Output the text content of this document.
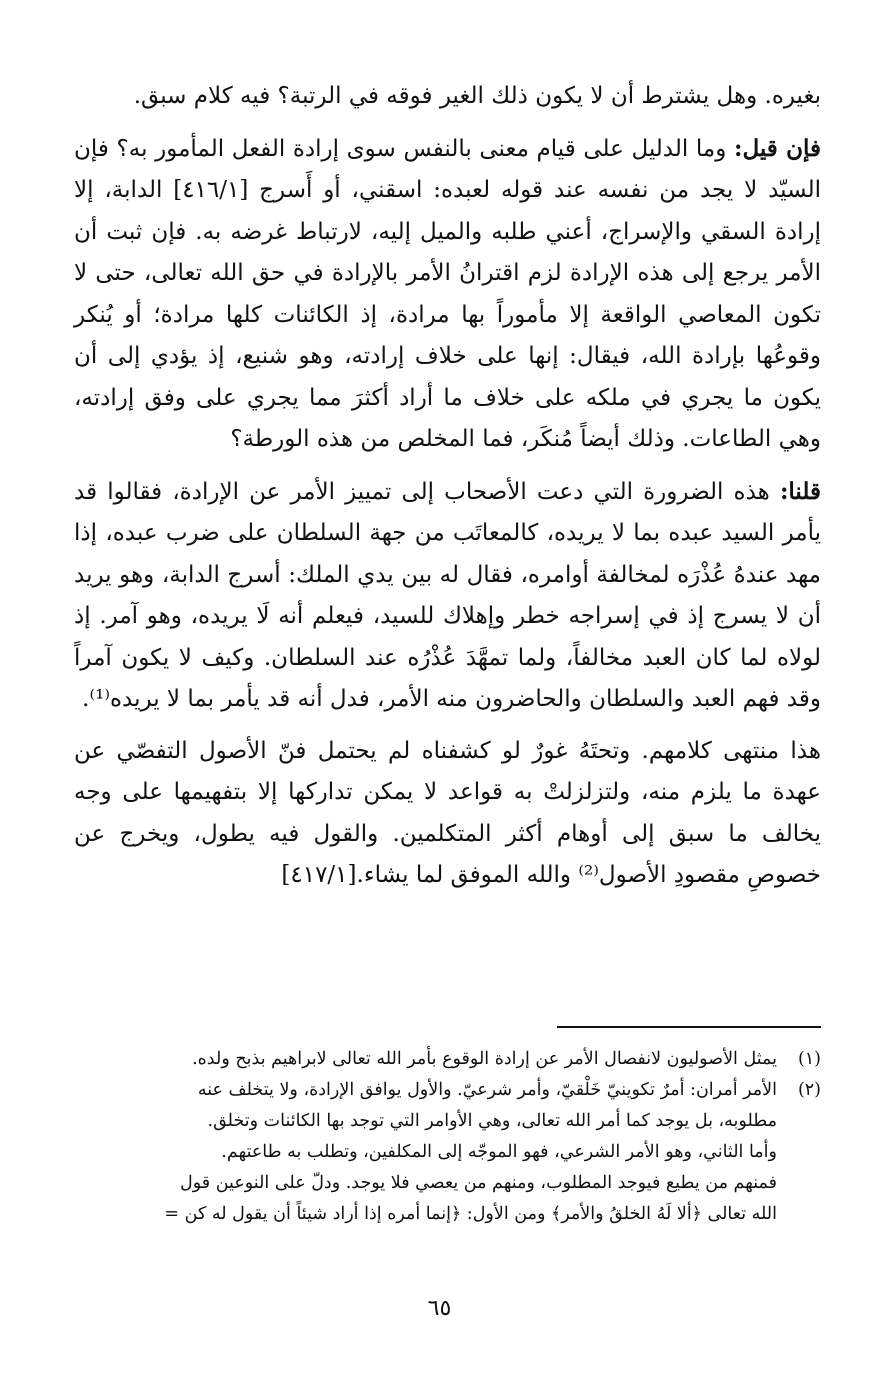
بغيره. وهل يشترط أن لا يكون ذلك الغير فوقه في الرتبة؟ فيه كلام سبق.

فإن قيل: وما الدليل على قيام معنى بالنفس سوى إرادة الفعل المأمور به؟ فإن السيّد لا يجد من نفسه عند قوله لعبده: اسقني، أو أَسرج [٤١٦/١] الدابة، إلا إرادة السقي والإسراج، أعني طلبه والميل إليه، لارتباط غرضه به. فإن ثبت أن الأمر يرجع إلى هذه الإرادة لزم اقترانُ الأمر بالإرادة في حق الله تعالى، حتى لا تكون المعاصي الواقعة إلا مأموراً بها مرادة، إذ الكائنات كلها مرادة؛ أو يُنكر وقوعُها بإرادة الله، فيقال: إنها على خلاف إرادته، وهو شنيع، إذ يؤدي إلى أن يكون ما يجري في ملكه على خلاف ما أراد أكثرَ مما يجري على وفق إرادته، وهي الطاعات. وذلك أيضاً مُنكَر، فما المخلص من هذه الورطة؟

قلنا: هذه الضرورة التي دعت الأصحاب إلى تمييز الأمر عن الإرادة، فقالوا قد يأمر السيد عبده بما لا يريده، كالمعاتَب من جهة السلطان على ضرب عبده، إذا مهد عندهُ عُذْرَه لمخالفة أوامره، فقال له بين يدي الملك: أسرج الدابة، وهو يريد أن لا يسرج إذ في إسراجه خطر وإهلاك للسيد، فيعلم أنه لَا يريده، وهو آمر. إذ لولاه لما كان العبد مخالفاً، ولما تمهَّدَ عُذْرُه عند السلطان. وكيف لا يكون آمراً وقد فهم العبد والسلطان والحاضرون منه الأمر، فدل أنه قد يأمر بما لا يريده⁽¹⁾.

هذا منتهى كلامهم. وتحتَهُ غورٌ لو كشفناه لم يحتمل فنّ الأصول التفصّي عن عهدة ما يلزم منه، ولتزلزلتْ به قواعد لا يمكن تداركها إلا بتفهيمها على وجه يخالف ما سبق إلى أوهام أكثر المتكلمين. والقول فيه يطول، ويخرج عن خصوصِ مقصودِ الأصول⁽²⁾ والله الموفق لما يشاء.[٤١٧/١]

(١)
يمثل الأصوليون لانفصال الأمر عن إرادة الوقوع بأمر الله تعالى لابراهيم بذبح ولده.
(٢)
الأمر أمران: أمرٌ تكوينيّ خَلْقيّ، وأمر شرعيّ. والأول يوافق الإرادة، ولا يتخلف عنه
مطلوبه، بل يوجد كما أمر الله تعالى، وهي الأوامر التي توجد بها الكائنات وتخلق.
وأما الثاني، وهو الأمر الشرعي، فهو الموجّه إلى المكلفين، وتطلب به طاعتهم.
فمنهم من يطيع فيوجد المطلوب، ومنهم من يعصي فلا يوجد. ودلّ على النوعين قول
الله تعالى ﴿ألا لَهُ الخلقُ والأمر﴾ ومن الأول: ﴿إنما أمره إذا أراد شيئاً أن يقول له كن =
٦٥
